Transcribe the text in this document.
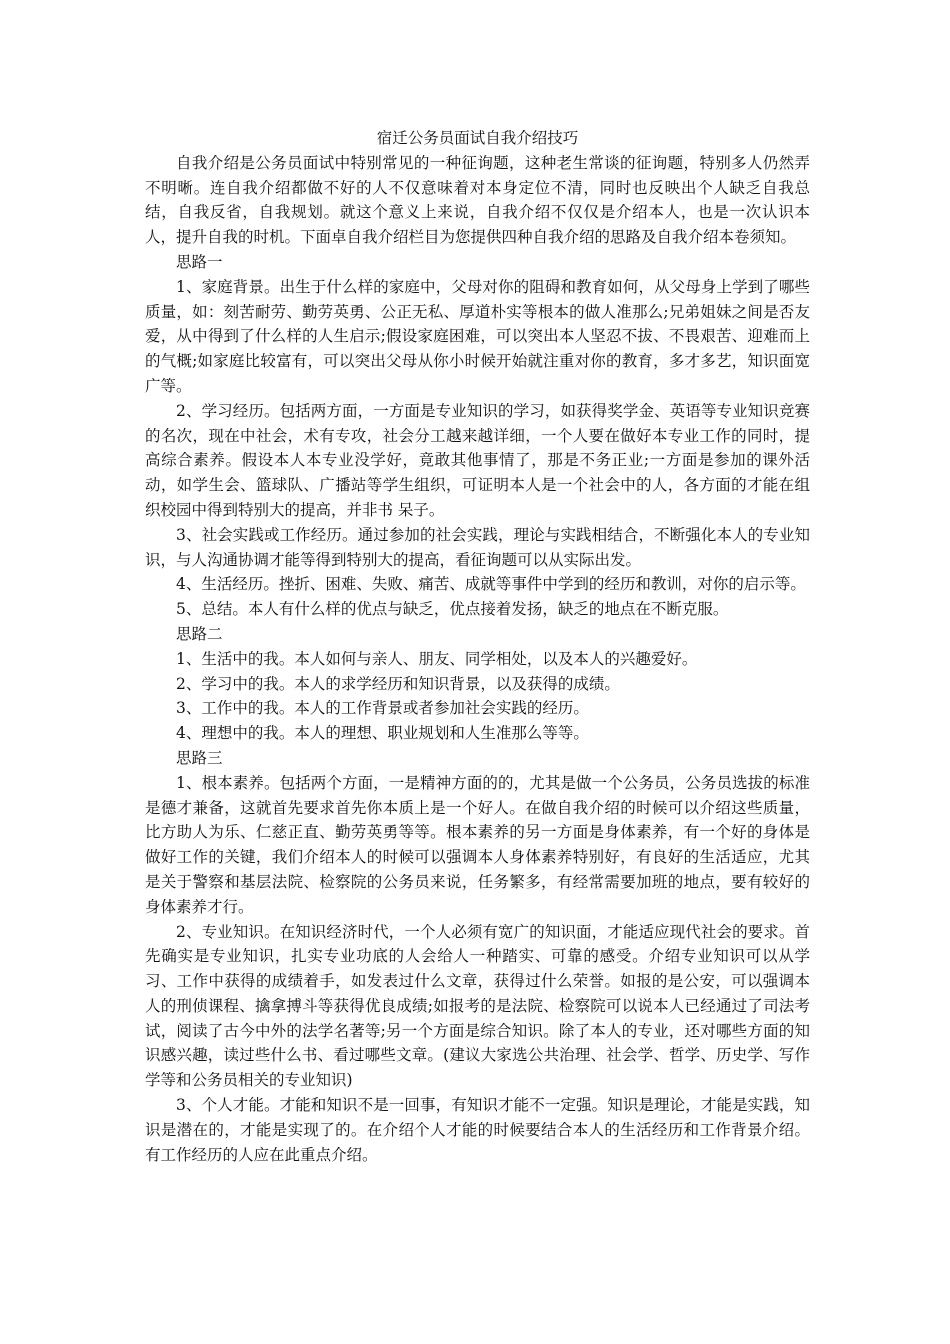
宿迁公务员面试自我介绍技巧

自我介绍是公务员面试中特别常见的一种征询题，这种老生常谈的征询题，特别多人仍然弄不明晰。连自我介绍都做不好的人不仅意味着对本身定位不清，同时也反映出个人缺乏自我总结，自我反省，自我规划。就这个意义上来说，自我介绍不仅仅是介绍本人，也是一次认识本人，提升自我的时机。下面卓自我介绍栏目为您提供四种自我介绍的思路及自我介绍本卷须知。

思路一

1、家庭背景。出生于什么样的家庭中，父母对你的阻碍和教育如何，从父母身上学到了哪些质量，如：刻苦耐劳、勤劳英勇、公正无私、厚道朴实等根本的做人准那么;兄弟姐妹之间是否友爱，从中得到了什么样的人生启示;假设家庭困难，可以突出本人坚忍不拔、不畏艰苦、迎难而上的气概;如家庭比较富有，可以突出父母从你小时候开始就注重对你的教育，多才多艺，知识面宽广等。

2、学习经历。包括两方面，一方面是专业知识的学习，如获得奖学金、英语等专业知识竞赛的名次，现在中社会，术有专攻，社会分工越来越详细，一个人要在做好本专业工作的同时，提高综合素养。假设本人本专业没学好，竟敢其他事情了，那是不务正业;一方面是参加的课外活动，如学生会、篮球队、广播站等学生组织，可证明本人是一个社会中的人，各方面的才能在组织校园中得到特别大的提高，并非书 呆子。

3、社会实践或工作经历。通过参加的社会实践，理论与实践相结合，不断强化本人的专业知识，与人沟通协调才能等得到特别大的提高，看征询题可以从实际出发。

4、生活经历。挫折、困难、失败、痛苦、成就等事件中学到的经历和教训，对你的启示等。

5、总结。本人有什么样的优点与缺乏，优点接着发扬，缺乏的地点在不断克服。

思路二

1、生活中的我。本人如何与亲人、朋友、同学相处，以及本人的兴趣爱好。

2、学习中的我。本人的求学经历和知识背景，以及获得的成绩。

3、工作中的我。本人的工作背景或者参加社会实践的经历。

4、理想中的我。本人的理想、职业规划和人生准那么等等。

思路三

1、根本素养。包括两个方面，一是精神方面的的，尤其是做一个公务员，公务员选拔的标准是德才兼备，这就首先要求首先你本质上是一个好人。在做自我介绍的时候可以介绍这些质量，比方助人为乐、仁慈正直、勤劳英勇等等。根本素养的另一方面是身体素养，有一个好的身体是做好工作的关键，我们介绍本人的时候可以强调本人身体素养特别好，有良好的生活适应，尤其是关于警察和基层法院、检察院的公务员来说，任务繁多，有经常需要加班的地点，要有较好的身体素养才行。

2、专业知识。在知识经济时代，一个人必须有宽广的知识面，才能适应现代社会的要求。首先确实是专业知识，扎实专业功底的人会给人一种踏实、可靠的感受。介绍专业知识可以从学习、工作中获得的成绩着手，如发表过什么文章，获得过什么荣誉。如报的是公安，可以强调本人的刑侦课程、擒拿搏斗等获得优良成绩;如报考的是法院、检察院可以说本人已经通过了司法考试，阅读了古今中外的法学名著等;另一个方面是综合知识。除了本人的专业，还对哪些方面的知识感兴趣，读过些什么书、看过哪些文章。(建议大家选公共治理、社会学、哲学、历史学、写作学等和公务员相关的专业知识)

3、个人才能。才能和知识不是一回事，有知识才能不一定强。知识是理论，才能是实践，知识是潜在的，才能是实现了的。在介绍个人才能的时候要结合本人的生活经历和工作背景介绍。有工作经历的人应在此重点介绍。
